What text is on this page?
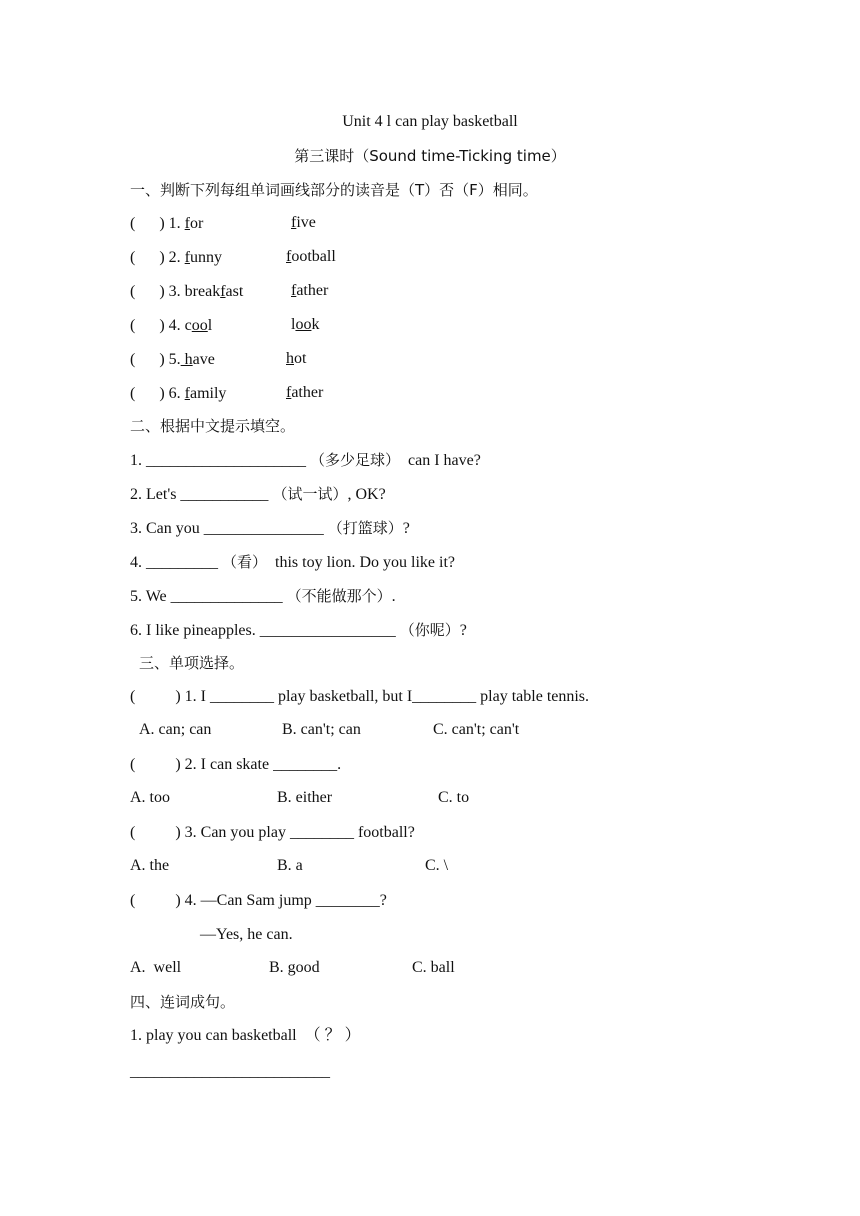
Unit 4 l can play basketball
第三课时（Sound time-Ticking time）
一、判断下列每组单词画线部分的读音是（T）否（F）相同。
(      ) 1. for	five
(      ) 2. funny	football
(      ) 3. breakfast	father
(      ) 4. cool	look
(      ) 5. have	hot
(      ) 6. family	father
二、根据中文提示填空。
1. ____________________ （多少足球）  can I have?
2. Let's ___________ （试一试）, OK?
3. Can you _______________ （打篮球）?
4. _________ （看）  this toy lion. Do you like it?
5. We ______________ （不能做那个）.
6. I like pineapples. _________________ （你呢）?
三、单项选择。
(          ) 1. I ________ play basketball, but I________ play table tennis.
A. can; can	B. can't; can	C. can't; can't
(          ) 2. I can skate ________.
A. too	B. either	C. to
(          ) 3. Can you play ________ football?
A. the	B. a	C. \
(          ) 4. —Can Sam jump ________?
—Yes, he can.
A.  well	B. good	C. ball
四、连词成句。
1. play you can basketball  （ ？ ）
_________________________
